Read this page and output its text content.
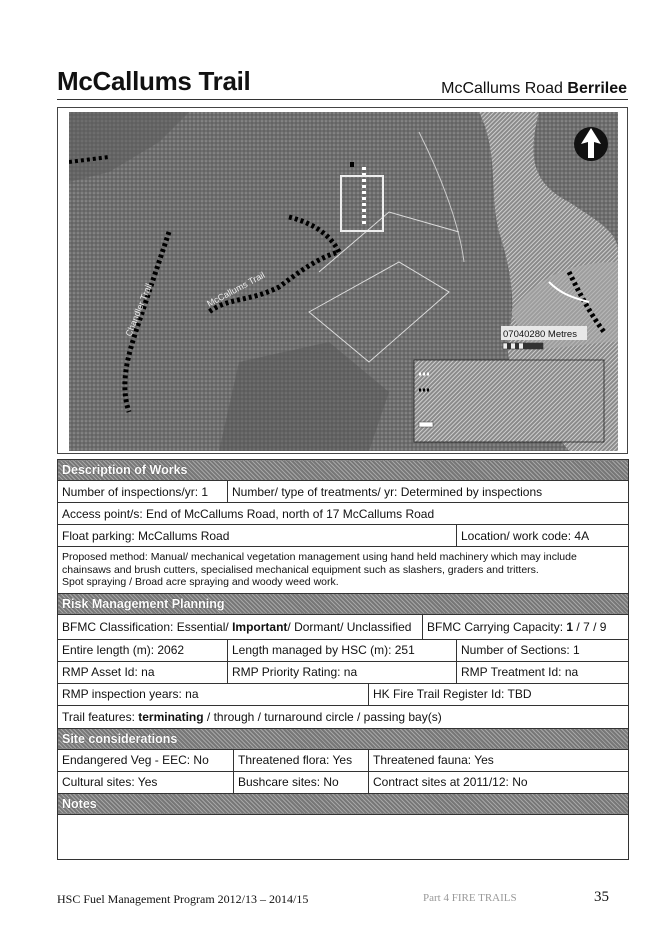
McCallums Trail	McCallums Road Berrilee
McCallums Trail
Chandler Trail	07040280 Metres
Description of Works					
Number of inspections/yr: 1	Number/ type of treatments/ yr: Determined by inspections				
Access point/s: End of McCallums Road, north of 17 McCallums Road					
Float parking: McCallums Road					Location/ work code: 4A
Proposed method: Manual/ mechanical vegetation management using hand held machinery which may include
chainsaws and brush cutters, specialised mechanical equipment such as slashers, graders and tritters.
Spot spraying / Broad acre spraying and woody weed work.					
Risk Management Planning					
BFMC Classification: Essential/ Important/ Dormant/ Unclassified				BFMC Carrying Capacity: 1 / 7 / 9	
Entire length (m): 2062	Length managed by HSC (m): 251				Number of Sections: 1
RMP Asset Id: na	RMP Priority Rating: na				RMP Treatment Id: na
RMP inspection years: na			HK Fire Trail Register Id: TBD		
Trail features: terminating / through / turnaround circle / passing bay(s)					
Site considerations					
Endangered Veg - EEC: No		Threatened flora: Yes	Threatened fauna: Yes		
Cultural sites: Yes		Bushcare sites: No	Contract sites at 2011/12: No		
Notes					

HSC Fuel Management Program 2012/13 – 2014/15	Part 4 FIRE TRAILS	35
